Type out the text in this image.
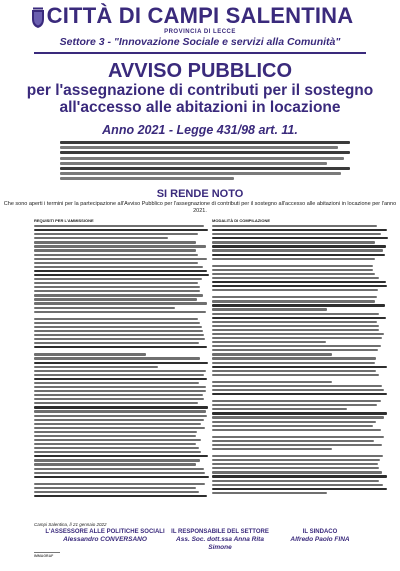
CITTÀ DI CAMPI SALENTINA
PROVINCIA DI LECCE
Settore 3 - "Innovazione Sociale e servizi alla Comunità"
AVVISO PUBBLICO
per l'assegnazione di contributi per il sostegno all'accesso alle abitazioni in locazione
Anno 2021 - Legge 431/98 art. 11.
SI RENDE NOTO
Che sono aperti i termini per la partecipazione all'Avviso Pubblico per l'assegnazione di contributi per il sostegno all'accesso alle abitazioni in locazione per l'anno 2021.
REQUISITI PER L'AMMISSIONE	MODALITÀ DI COMPILAZIONE
Campi Salentina, lì 21 gennaio 2022
L'ASSESSORE ALLE POLITICHE SOCIALI
Alessandro CONVERSANO
IL RESPONSABILE DEL SETTORE
Ass. Soc. dott.ssa Anna Rita Simone
IL SINDACO
Alfredo Paolo FINA
IMMAGRAF
